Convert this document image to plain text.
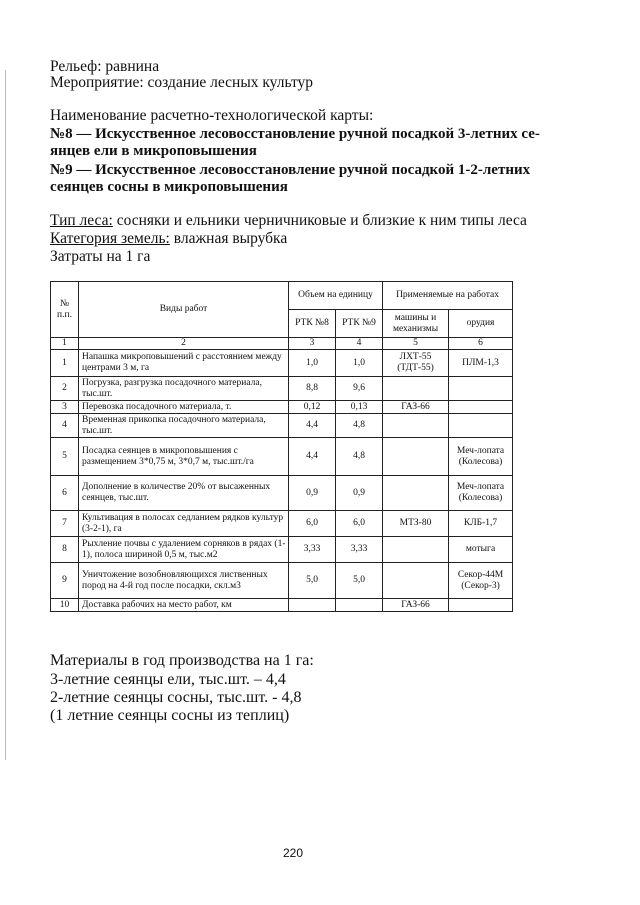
Рельеф: равнина
Мероприятие: создание лесных культур
Наименование расчетно-технологической карты:
№8 — Искусственное лесовосстановление ручной посадкой 3-летних се-
янцев ели в микроповышения
№9 — Искусственное лесовосстановление ручной посадкой 1-2-летних
сеянцев сосны в микроповышения
Тип леса: сосняки и ельники черничниковые и близкие к ним типы леса
Категория земель: влажная вырубка
Затраты на 1 га
№ п.п.	Виды работ	Объем на единицу		Применяемые на работах	
		РТК №8	РТК №9	машины и механизмы	орудия
1	2	3	4	5	6
1	Напашка микроповышений с расстоянием между центрами 3 м, га	1,0	1,0	ЛХТ-55 (ТДТ-55)	ПЛМ-1,3
2	Погрузка, разгрузка посадочного материала, тыс.шт.	8,8	9,6		
3	Перевозка посадочного материала, т.	0,12	0,13	ГАЗ-66	
4	Временная прикопка посадочного материала, тыс.шт.	4,4	4,8		
5	Посадка сеянцев в микроповышения с размещением 3*0,75 м, 3*0,7 м, тыс.шт./га	4,4	4,8		Меч-лопата (Колесова)
6	Дополнение в количестве 20% от высаженных сеянцев, тыс.шт.	0,9	0,9		Меч-лопата (Колесова)
7	Культивация в полосах седланием рядков культур (3-2-1), га	6,0	6,0	МТЗ-80	КЛБ-1,7
8	Рыхление почвы с удалением сорняков в рядах (1-1), полоса шириной 0,5 м, тыс.м2	3,33	3,33		мотыга
9	Уничтожение возобновляющихся лиственных пород на 4-й год после посадки, скл.м3	5,0	5,0		Секор-44М (Секор-3)
10	Доставка рабочих на место работ, км			ГАЗ-66	
Материалы в год производства на 1 га:
3-летние сеянцы ели, тыс.шт. – 4,4
2-летние сеянцы сосны, тыс.шт. - 4,8
(1 летние сеянцы сосны из теплиц)
220
